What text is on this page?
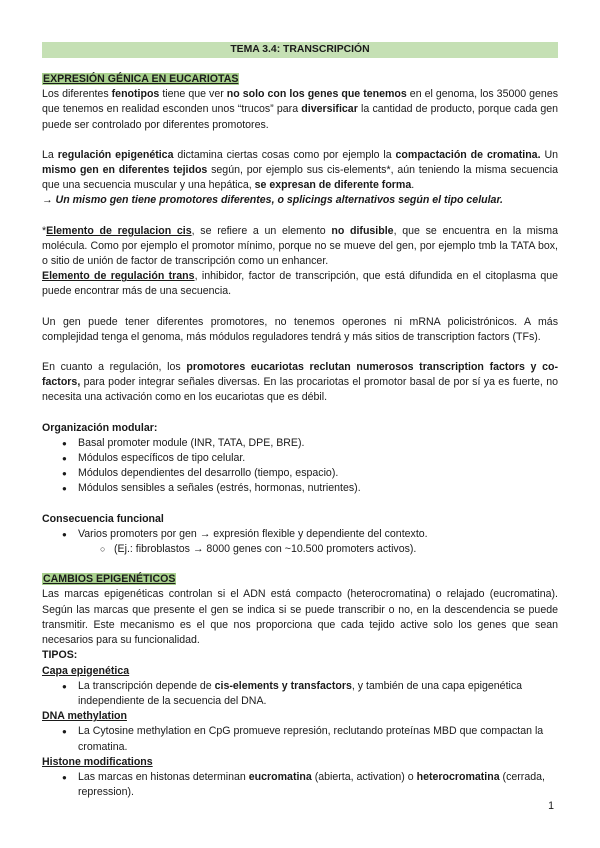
TEMA 3.4: TRANSCRIPCIÓN
EXPRESIÓN GÉNICA EN EUCARIOTAS

Los diferentes fenotipos tiene que ver no solo con los genes que tenemos en el genoma, los 35000 genes que tenemos en realidad esconden unos “trucos” para diversificar la cantidad de producto, porque cada gen puede ser controlado por diferentes promotores.

La regulación epigenética dictamina ciertas cosas como por ejemplo la compactación de cromatina. Un mismo gen en diferentes tejidos según, por ejemplo sus cis-elements*, aún teniendo la misma secuencia que una secuencia muscular y una hepática, se expresan de diferente forma.

→ Un mismo gen tiene promotores diferentes, o splicings alternativos según el tipo celular.

*Elemento de regulacion cis, se refiere a un elemento no difusible, que se encuentra en la misma molécula. Como por ejemplo el promotor mínimo, porque no se mueve del gen, por ejemplo tmb la TATA box, o sitio de unión de factor de transcripción como un enhancer.

Elemento de regulación trans, inhibidor, factor de transcripción, que está difundida en el citoplasma que puede encontrar más de una secuencia.

Un gen puede tener diferentes promotores, no tenemos operones ni mRNA policistrónicos. A más complejidad tenga el genoma, más módulos reguladores tendrá y más sitios de transcription factors (TFs).

En cuanto a regulación, los promotores eucariotas reclutan numerosos transcription factors y co-factors, para poder integrar señales diversas. En las procariotas el promotor basal de por sí ya es fuerte, no necesita una activación como en los eucariotas que es débil.

Organización modular:

● Basal promoter module (INR, TATA, DPE, BRE).
● Módulos específicos de tipo celular.
● Módulos dependientes del desarrollo (tiempo, espacio).
● Módulos sensibles a señales (estrés, hormonas, nutrientes).

Consecuencia funcional

● Varios promoters por gen → expresión flexible y dependiente del contexto.
○ (Ej.: fibroblastos → 8000 genes con ~10.500 promoters activos).
CAMBIOS EPIGENÉTICOS

Las marcas epigenéticas controlan si el ADN está compacto (heterocromatina) o relajado (eucromatina). Según las marcas que presente el gen se indica si se puede transcribir o no, en la descendencia se puede transmitir. Este mecanismo es el que nos proporciona que cada tejido active solo los genes que sean necesarios para su funcionalidad.

TIPOS:

Capa epigenética

● La transcripción depende de cis-elements y transfactors, y también de una capa epigenética independiente de la secuencia del DNA.

DNA methylation

● La Cytosine methylation en CpG promueve represión, reclutando proteínas MBD que compactan la cromatina.

Histone modifications

● Las marcas en histonas determinan eucromatina (abierta, activation) o heterocromatina (cerrada, repression).
1
